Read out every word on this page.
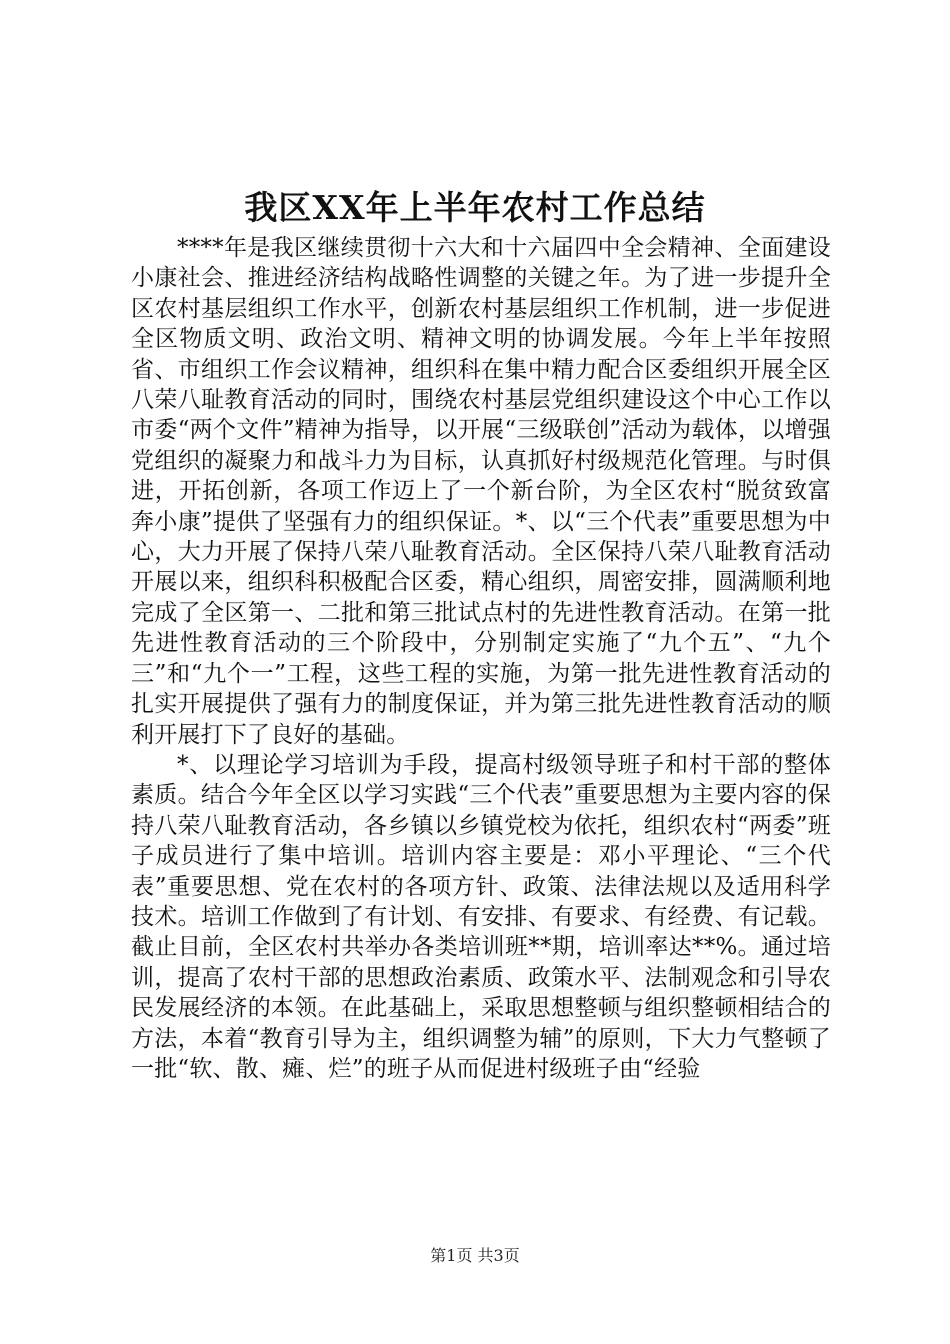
我区XX年上半年农村工作总结

****年是我区继续贯彻十六大和十六届四中全会精神、全面建设小康社会、推进经济结构战略性调整的关键之年。为了进一步提升全区农村基层组织工作水平，创新农村基层组织工作机制，进一步促进全区物质文明、政治文明、精神文明的协调发展。今年上半年按照省、市组织工作会议精神，组织科在集中精力配合区委组织开展全区八荣八耻教育活动的同时，围绕农村基层党组织建设这个中心工作以市委“两个文件”精神为指导，以开展“三级联创”活动为载体，以增强党组织的凝聚力和战斗力为目标，认真抓好村级规范化管理。与时俱进，开拓创新，各项工作迈上了一个新台阶，为全区农村“脱贫致富奔小康”提供了坚强有力的组织保证。*、以“三个代表”重要思想为中心，大力开展了保持八荣八耻教育活动。全区保持八荣八耻教育活动开展以来，组织科积极配合区委，精心组织，周密安排，圆满顺利地完成了全区第一、二批和第三批试点村的先进性教育活动。在第一批先进性教育活动的三个阶段中，分别制定实施了“九个五”、“九个三”和“九个一”工程，这些工程的实施，为第一批先进性教育活动的扎实开展提供了强有力的制度保证，并为第三批先进性教育活动的顺利开展打下了良好的基础。

*、以理论学习培训为手段，提高村级领导班子和村干部的整体素质。结合今年全区以学习实践“三个代表”重要思想为主要内容的保持八荣八耻教育活动，各乡镇以乡镇党校为依托，组织农村“两委”班子成员进行了集中培训。培训内容主要是：邓小平理论、“三个代表”重要思想、党在农村的各项方针、政策、法律法规以及适用科学技术。培训工作做到了有计划、有安排、有要求、有经费、有记载。截止目前，全区农村共举办各类培训班**期，培训率达**%。通过培训，提高了农村干部的思想政治素质、政策水平、法制观念和引导农民发展经济的本领。在此基础上，采取思想整顿与组织整顿相结合的方法，本着“教育引导为主，组织调整为辅”的原则，下大力气整顿了一批“软、散、瘫、烂”的班子从而促进村级班子由“经验

第1页 共3页
